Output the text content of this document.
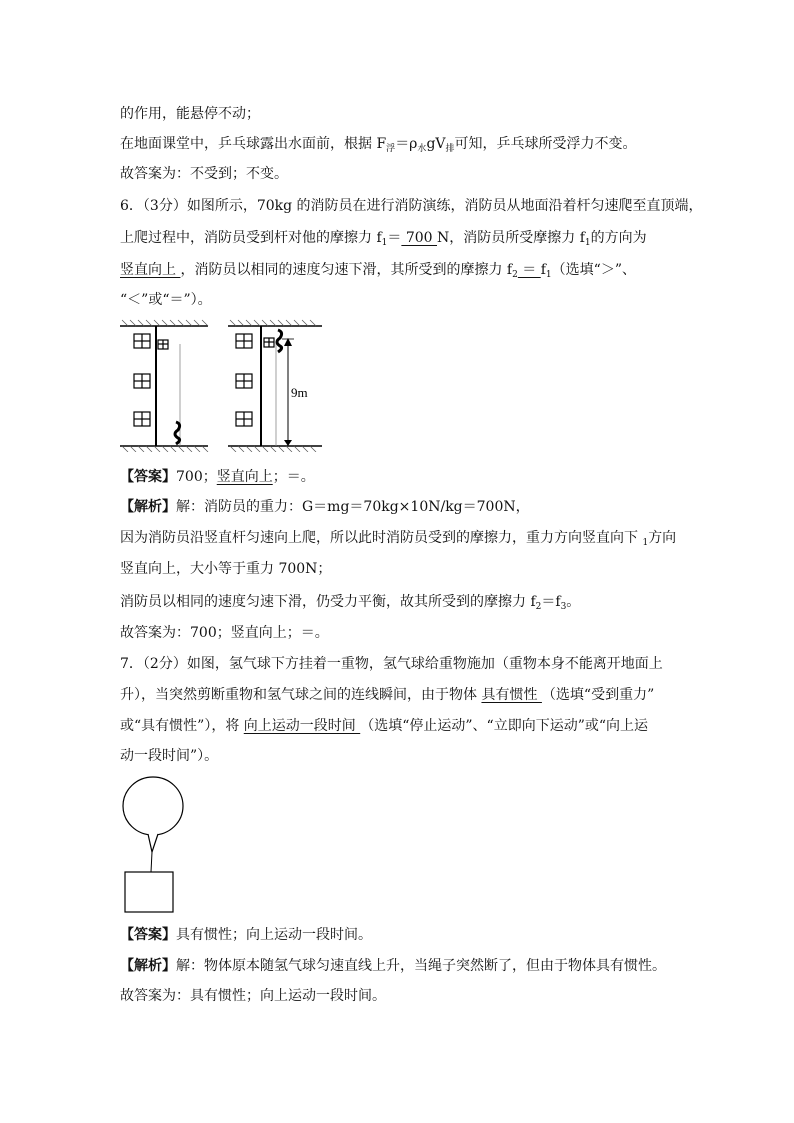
的作用，能悬停不动；
在地面课堂中，乒乓球露出水面前，根据 $F_浮=\rho_水gV_排$可知，乒乓球所受浮力不变。
故答案为：不受到；不变。
6．（3分）如图所示，70kg 的消防员在进行消防演练，消防员从地面沿着杆匀速爬至直顶端，
上爬过程中，消防员受到杆对他的摩擦力 $f_1= 700$ N，消防员所受摩擦力 $f_1$的方向为
竖直向上 ，消防员以相同的速度匀速下滑，其所受到的摩擦力 $f_2 = f_1$（选填“＞”、
“＜”或“＝”）。
9m
【答案】700；竖直向上；＝。
【解析】解：消防员的重力：G＝mg＝70kg×10N/kg＝700N，
因为消防员沿竖直杆匀速向上爬，所以此时消防员受到的摩擦力，重力方向竖直向下 $_1$方向
竖直向上，大小等于重力 700N；
消防员以相同的速度匀速下滑，仍受力平衡，故其所受到的摩擦力 $f_2=f_3$。
故答案为：700；竖直向上；＝。
7．（2分）如图，氢气球下方挂着一重物，氢气球给重物施加（重物本身不能离开地面上
升），当突然剪断重物和氢气球之间的连线瞬间，由于物体 具有惯性 （选填“受到重力”
或“具有惯性”），将 向上运动一段时间 （选填“停止运动”、“立即向下运动”或“向上运
动一段时间”）。
【答案】具有惯性；向上运动一段时间。
【解析】解：物体原本随氢气球匀速直线上升，当绳子突然断了，但由于物体具有惯性。
故答案为：具有惯性；向上运动一段时间。
